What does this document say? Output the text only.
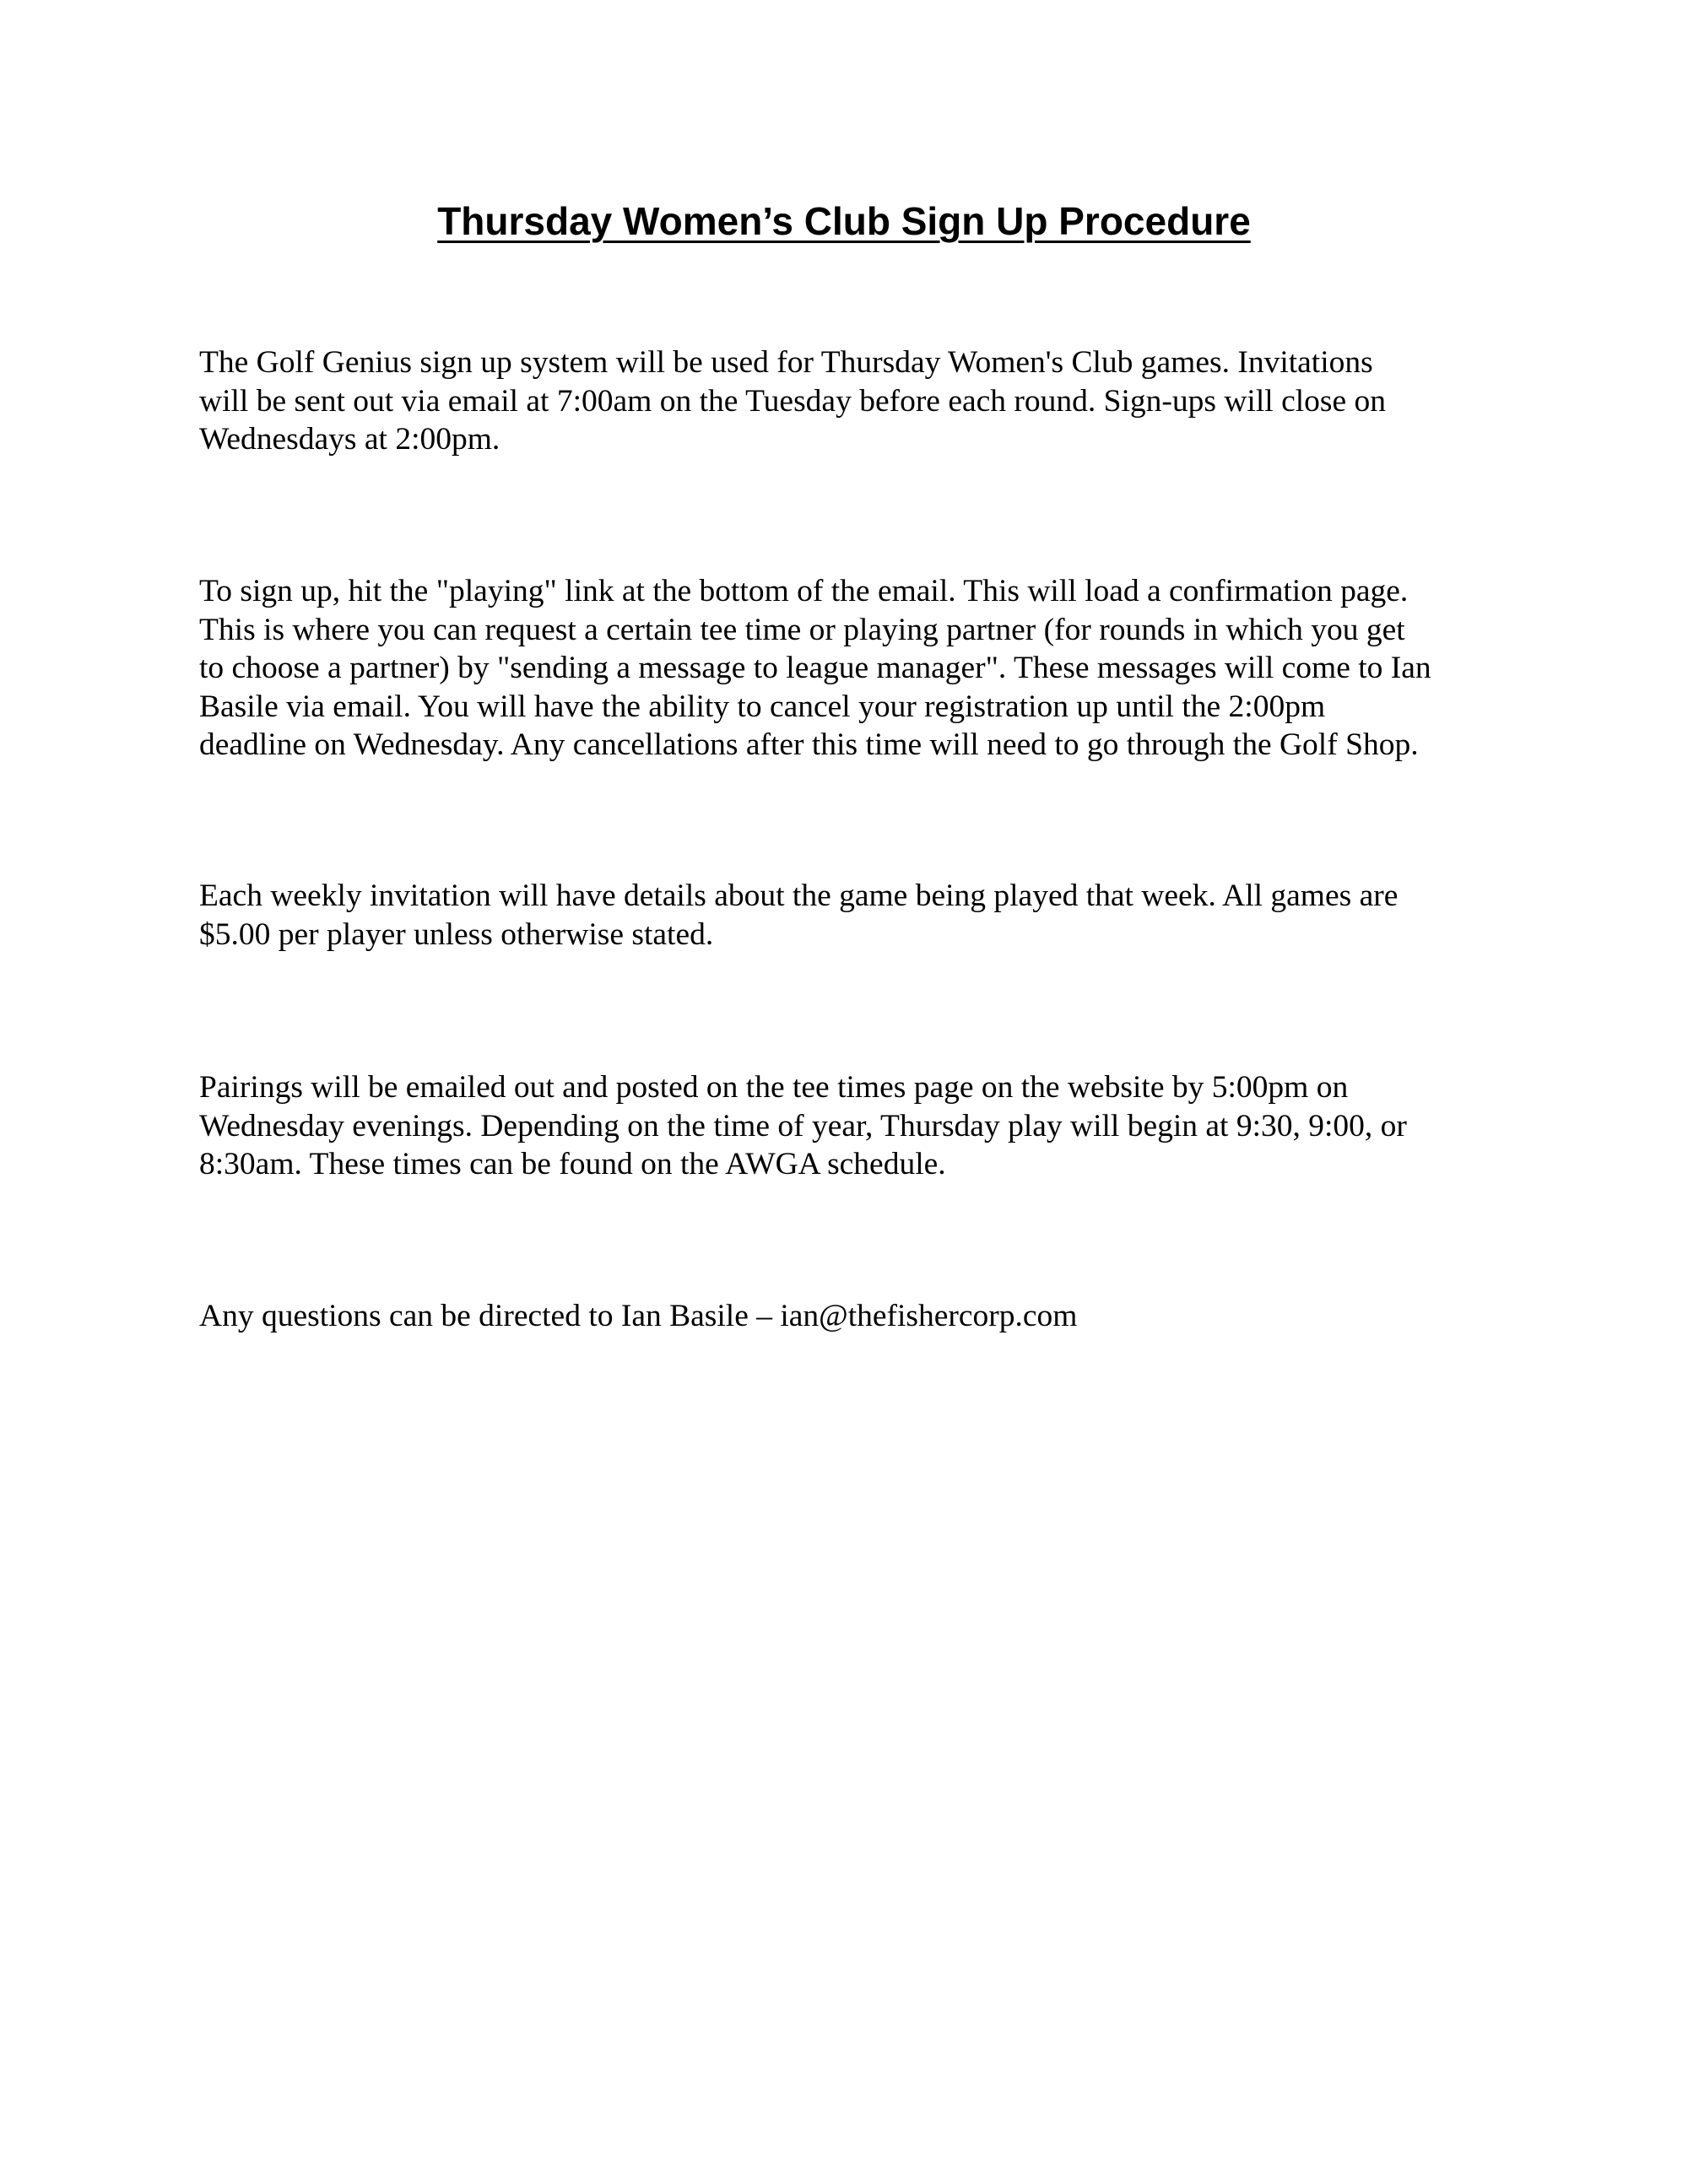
Thursday Women’s Club Sign Up Procedure

The Golf Genius sign up system will be used for Thursday Women's Club games. Invitations
will be sent out via email at 7:00am on the Tuesday before each round. Sign-ups will close on
Wednesdays at 2:00pm.

To sign up, hit the "playing" link at the bottom of the email. This will load a confirmation page.
This is where you can request a certain tee time or playing partner (for rounds in which you get
to choose a partner) by "sending a message to league manager". These messages will come to Ian
Basile via email. You will have the ability to cancel your registration up until the 2:00pm
deadline on Wednesday. Any cancellations after this time will need to go through the Golf Shop.

Each weekly invitation will have details about the game being played that week. All games are
$5.00 per player unless otherwise stated.

Pairings will be emailed out and posted on the tee times page on the website by 5:00pm on
Wednesday evenings. Depending on the time of year, Thursday play will begin at 9:30, 9:00, or
8:30am. These times can be found on the AWGA schedule.

Any questions can be directed to Ian Basile – ian@thefishercorp.com
